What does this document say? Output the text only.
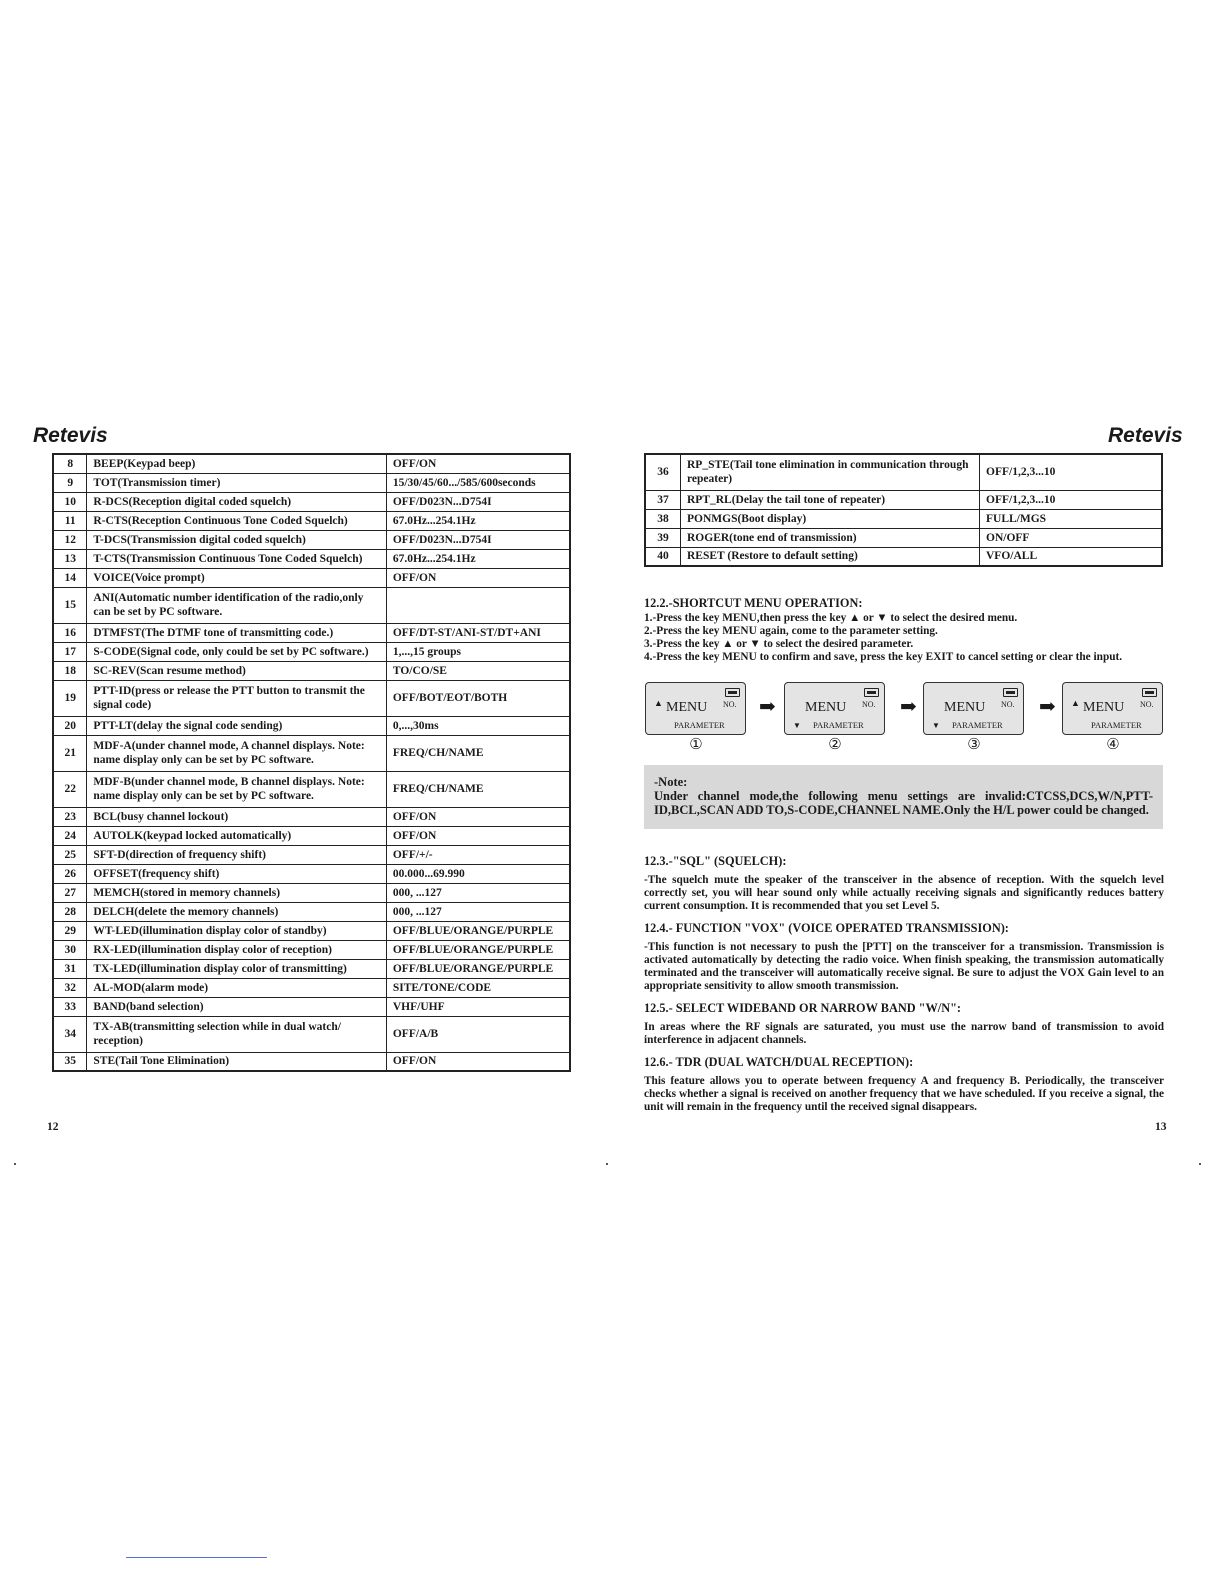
Retevis	Retevis
8	BEEP(Keypad beep)	OFF/ON
9	TOT(Transmission timer)	15/30/45/60.../585/600seconds
10	R-DCS(Reception digital coded squelch)	OFF/D023N...D754I
11	R-CTS(Reception Continuous Tone Coded Squelch)	67.0Hz...254.1Hz
12	T-DCS(Transmission digital coded squelch)	OFF/D023N...D754I
13	T-CTS(Transmission Continuous Tone Coded Squelch)	67.0Hz...254.1Hz
14	VOICE(Voice prompt)	OFF/ON
15	ANI(Automatic number identification of the radio,only can be set by PC software.	
16	DTMFST(The DTMF tone of transmitting code.)	OFF/DT-ST/ANI-ST/DT+ANI
17	S-CODE(Signal code, only could be set by PC software.)	1,...,15 groups
18	SC-REV(Scan resume method)	TO/CO/SE
19	PTT-ID(press or release the PTT button to transmit the signal code)	OFF/BOT/EOT/BOTH
20	PTT-LT(delay the signal code sending)	0,...,30ms
21	MDF-A(under channel mode, A channel displays. Note: name display only can be set by PC software.	FREQ/CH/NAME
22	MDF-B(under channel mode, B channel displays. Note: name display only can be set by PC software.	FREQ/CH/NAME
23	BCL(busy channel lockout)	OFF/ON
24	AUTOLK(keypad locked automatically)	OFF/ON
25	SFT-D(direction of frequency shift)	OFF/+/-
26	OFFSET(frequency shift)	00.000...69.990
27	MEMCH(stored in memory channels)	000, ...127
28	DELCH(delete the memory channels)	000, ...127
29	WT-LED(illumination display color of standby)	OFF/BLUE/ORANGE/PURPLE
30	RX-LED(illumination display color of reception)	OFF/BLUE/ORANGE/PURPLE
31	TX-LED(illumination display color of transmitting)	OFF/BLUE/ORANGE/PURPLE
32	AL-MOD(alarm mode)	SITE/TONE/CODE
33	BAND(band selection)	VHF/UHF
34	TX-AB(transmitting selection while in dual watch/ reception)	OFF/A/B
35	STE(Tail Tone Elimination)	OFF/ON
36	RP_STE(Tail tone elimination in communication through repeater)	OFF/1,2,3...10
37	RPT_RL(Delay the tail tone of repeater)	OFF/1,2,3...10
38	PONMGS(Boot display)	FULL/MGS
39	ROGER(tone end of transmission)	ON/OFF
40	RESET (Restore to default setting)	VFO/ALL
12.2.-SHORTCUT MENU OPERATION:
1.-Press the key MENU,then press the key ▲ or ▼ to select the desired menu.
2.-Press the key MENU again, come to the parameter setting.
3.-Press the key ▲ or ▼ to select the desired parameter.
4.-Press the key MENU to confirm and save, press the key EXIT to cancel setting or clear the input.
▲ MENU NO.
PARAMETER
➡ MENU NO.
▼ PARAMETER
➡ MENU NO.
▼ PARAMETER
➡ ▲ MENU NO.
PARAMETER
①	②	③	④

-Note:

Under channel mode,the following menu settings are invalid:CTCSS,DCS,W/N,PTT-ID,BCL,SCAN ADD TO,S-CODE,CHANNEL NAME.Only the H/L power could be changed.

12.3.-"SQL" (SQUELCH):

-The squelch mute the speaker of the transceiver in the absence of reception. With the squelch level correctly set, you will hear sound only while actually receiving signals and significantly reduces battery current consumption. It is recommended that you set Level 5.

12.4.- FUNCTION "VOX" (VOICE OPERATED TRANSMISSION):

-This function is not necessary to push the [PTT] on the transceiver for a transmission. Transmission is activated automatically by detecting the radio voice. When finish speaking, the transmission automatically terminated and the transceiver will automatically receive signal. Be sure to adjust the VOX Gain level to an appropriate sensitivity to allow smooth transmission.

12.5.- SELECT WIDEBAND OR NARROW BAND "W/N":

In areas where the RF signals are saturated, you must use the narrow band of transmission to avoid interference in adjacent channels.

12.6.- TDR (DUAL WATCH/DUAL RECEPTION):

This feature allows you to operate between frequency A and frequency B. Periodically, the transceiver checks whether a signal is received on another frequency that we have scheduled. If you receive a signal, the unit will remain in the frequency until the received signal disappears.

12	13
